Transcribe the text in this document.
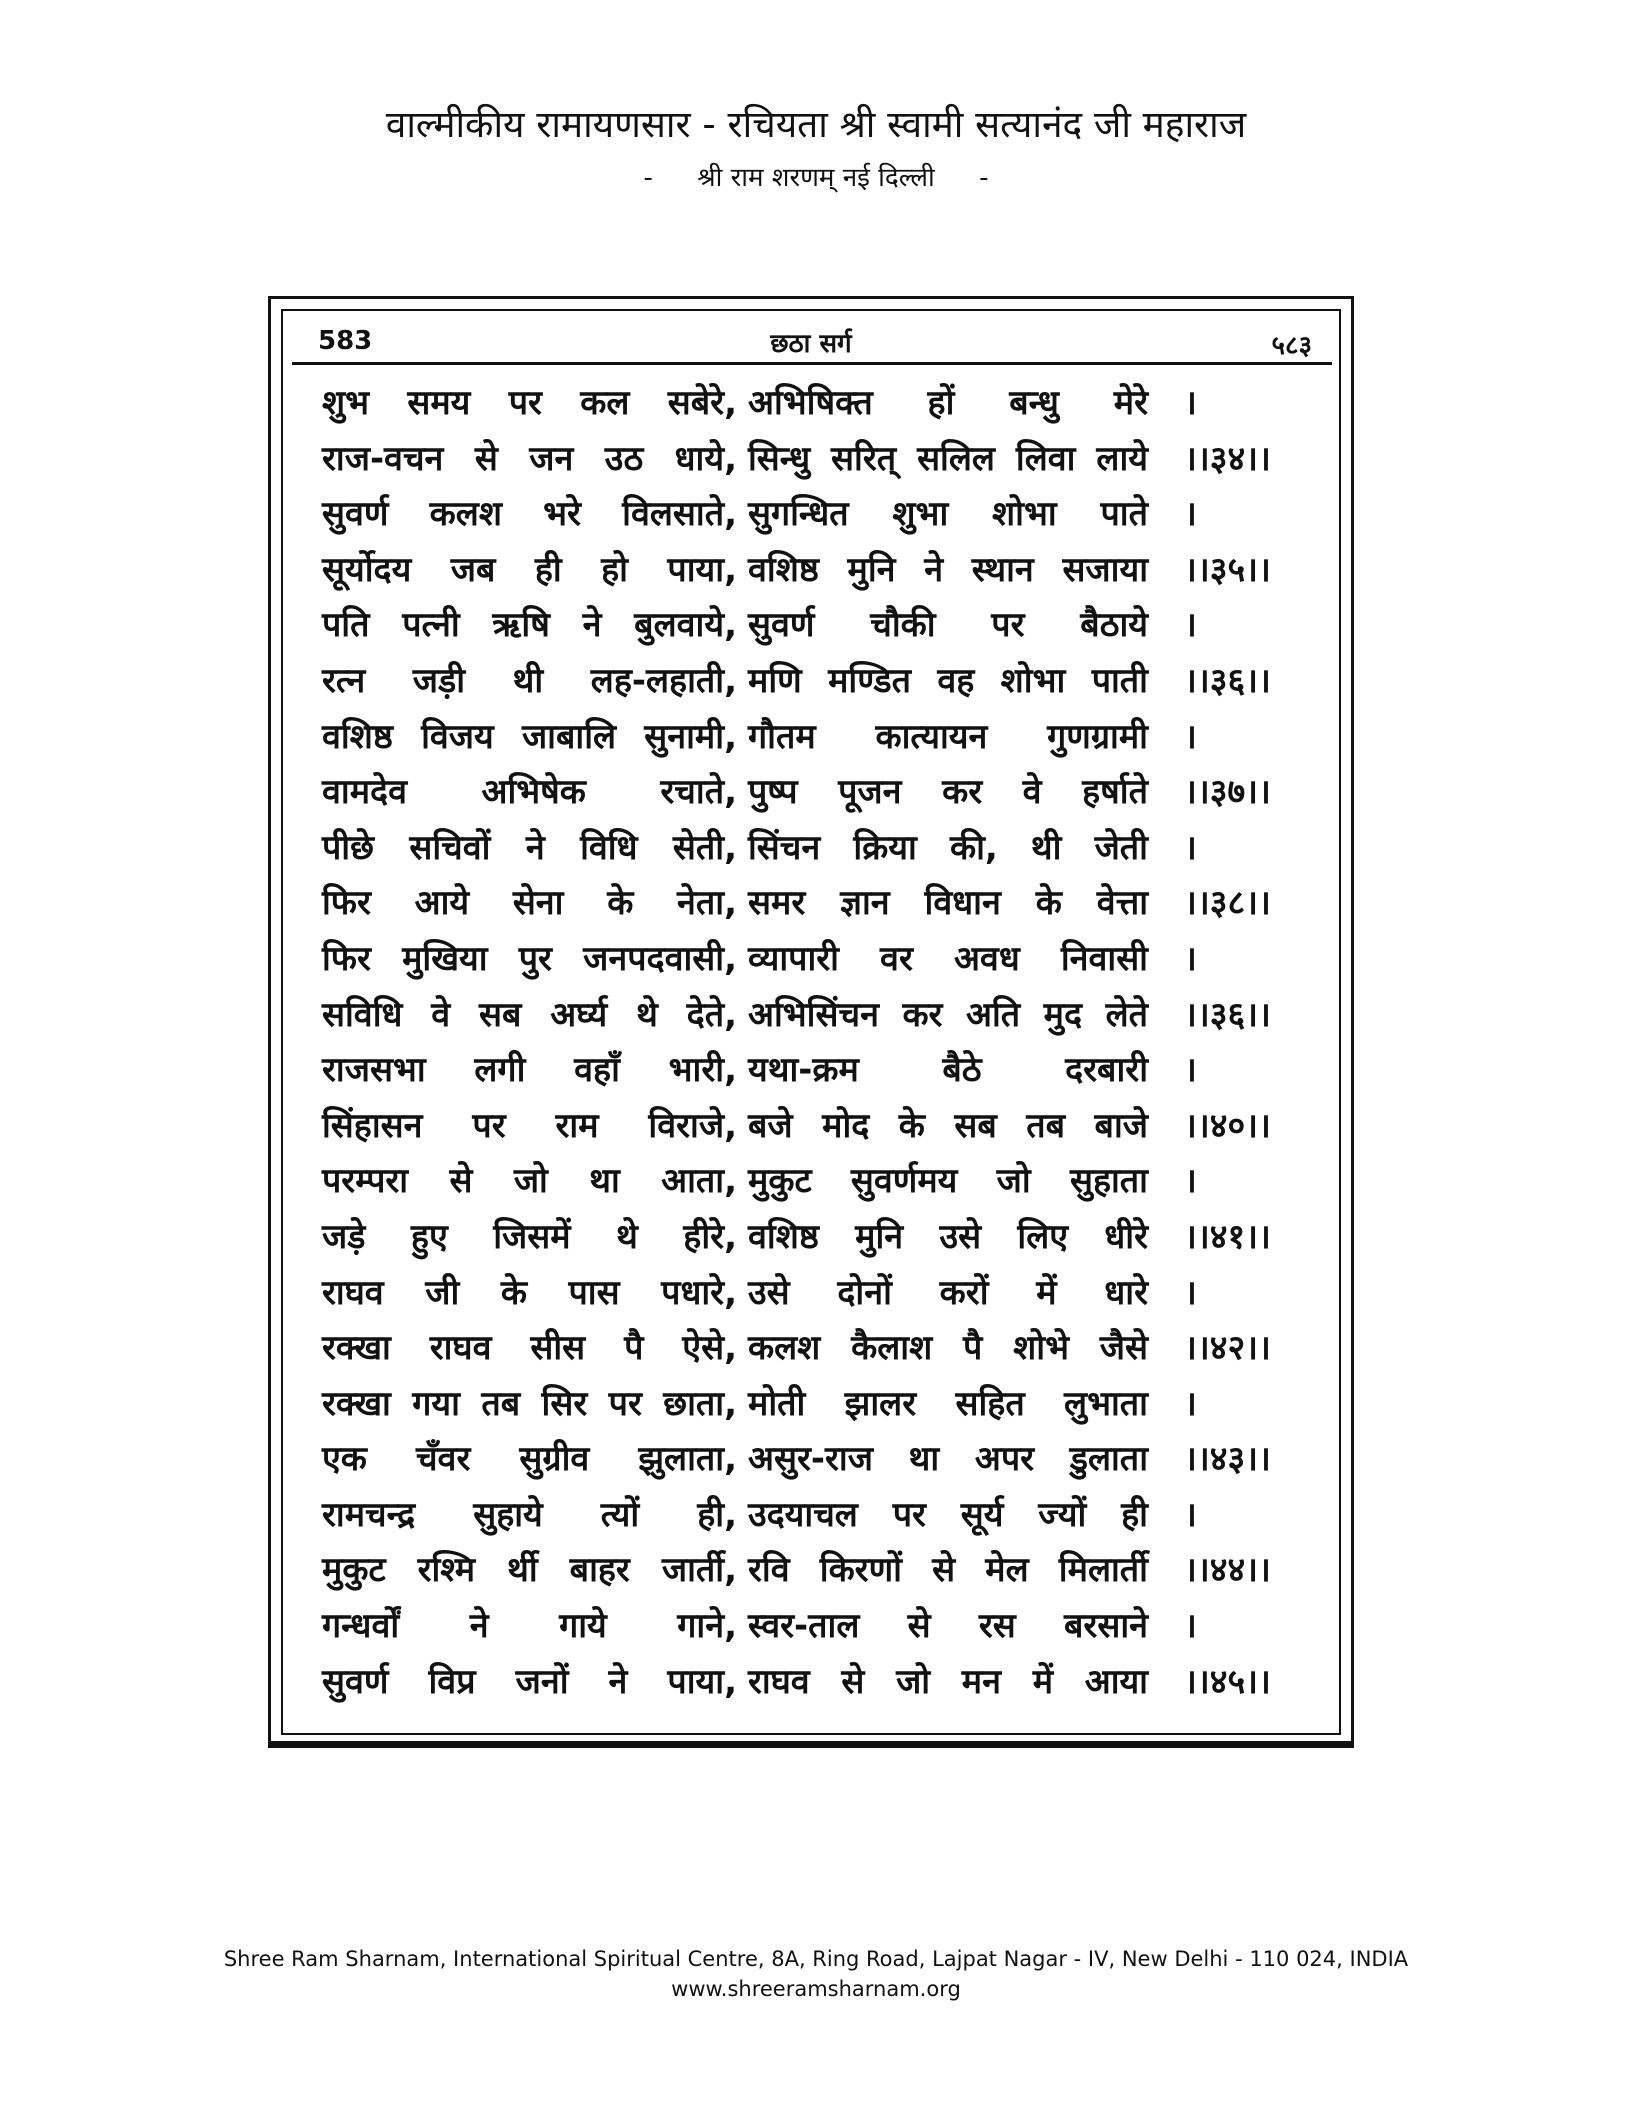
वाल्मीकीय रामायणसार - रचियता श्री स्वामी सत्यानंद जी महाराज
- श्री राम शरणम् नई दिल्ली -
583	छठा सर्ग	५८३
शुभ समय पर कल सबेरे, अभिषिक्त हों बन्धु मेरे ।
राज-वचन से जन उठ धाये, सिन्धु सरित् सलिल लिवा लाये ।।३४।।
सुवर्ण कलश भरे विलसाते, सुगन्धित शुभा शोभा पाते ।
सूर्योदय जब ही हो पाया, वशिष्ठ मुनि ने स्थान सजाया ।।३५।।
पति पत्नी ऋषि ने बुलवाये, सुवर्ण चौकी पर बैठाये ।
रत्न जड़ी थी लह-लहाती, मणि मण्डित वह शोभा पाती ।।३६।।
वशिष्ठ विजय जाबालि सुनामी, गौतम कात्यायन गुणग्रामी ।
वामदेव अभिषेक रचाते, पुष्प पूजन कर वे हर्षाते ।।३७।।
पीछे सचिवों ने विधि सेती, सिंचन क्रिया की, थी जेती ।
फिर आये सेना के नेता, समर ज्ञान विधान के वेत्ता ।।३८।।
फिर मुखिया पुर जनपदवासी, व्यापारी वर अवध निवासी ।
सविधि वे सब अर्घ्य थे देते, अभिसिंचन कर अति मुद लेते ।।३६।।
राजसभा लगी वहाँ भारी, यथा-क्रम बैठे दरबारी ।
सिंहासन पर राम विराजे, बजे मोद के सब तब बाजे ।।४०।।
परम्परा से जो था आता, मुकुट सुवर्णमय जो सुहाता ।
जड़े हुए जिसमें थे हीरे, वशिष्ठ मुनि उसे लिए धीरे ।।४१।।
राघव जी के पास पधारे, उसे दोनों करों में धारे ।
रक्खा राघव सीस पै ऐसे, कलश कैलाश पै शोभे जैसे ।।४२।।
रक्खा गया तब सिर पर छाता, मोती झालर सहित लुभाता ।
एक चँवर सुग्रीव झुलाता, असुर-राज था अपर डुलाता ।।४३।।
रामचन्द्र सुहाये त्यों ही, उदयाचल पर सूर्य ज्यों ही ।
मुकुट रश्मि र्थी बाहर जार्ती, रवि किरणों से मेल मिलार्ती ।।४४।।
गन्धर्वों ने गाये गाने, स्वर-ताल से रस बरसाने ।
सुवर्ण विप्र जनों ने पाया, राघव से जो मन में आया ।।४५।।
Shree Ram Sharnam, International Spiritual Centre, 8A, Ring Road, Lajpat Nagar - IV, New Delhi - 110 024, INDIA
www.shreeramsharnam.org
